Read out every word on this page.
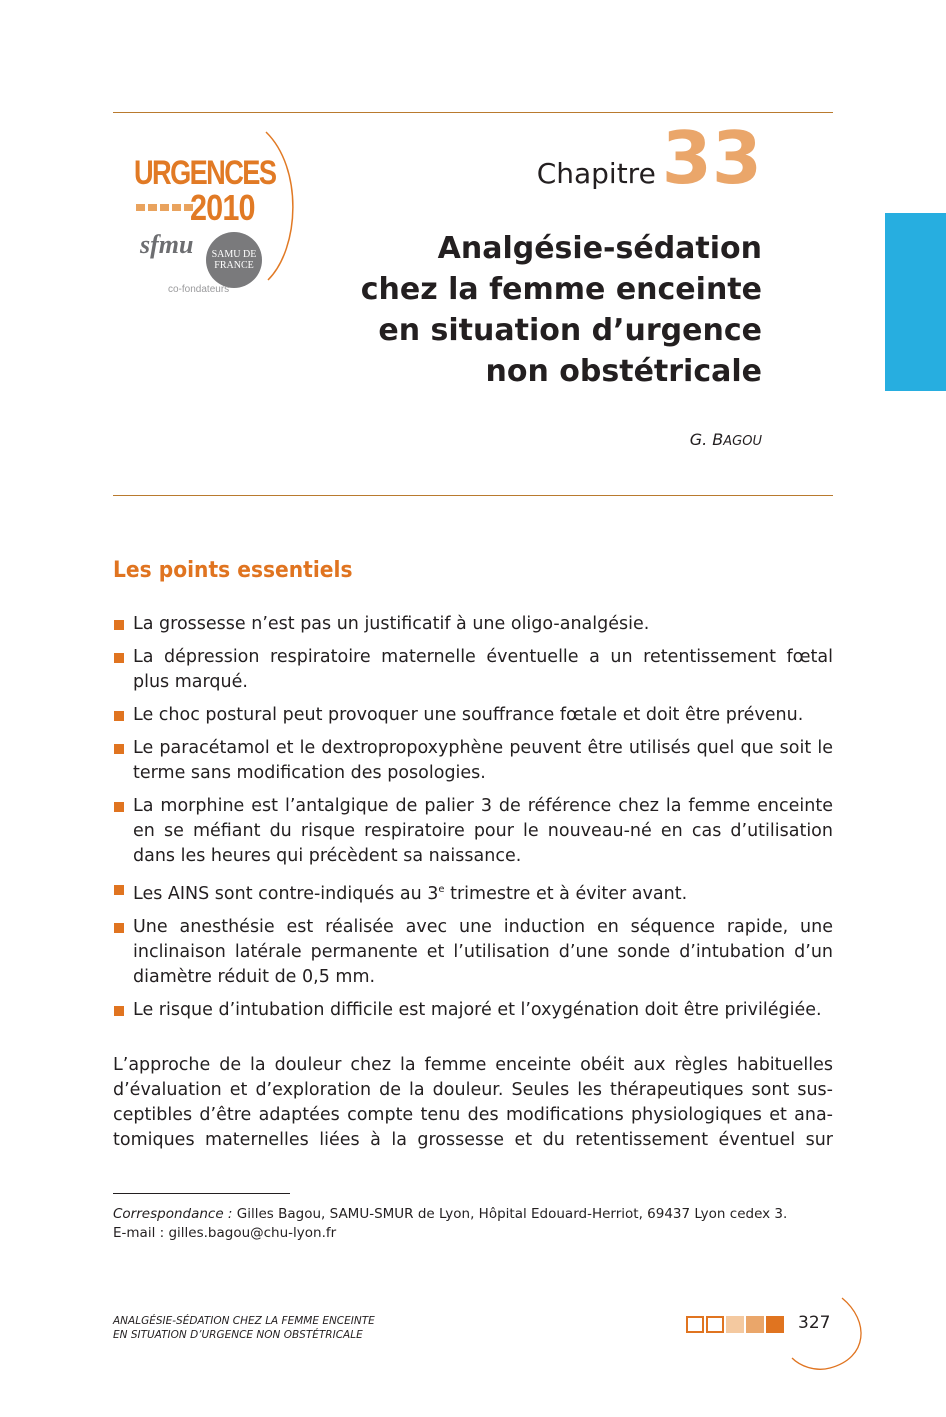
URGENCES
2010
sfmu	SAMU DE FRANCE
co-fondateurs
Chapitre 33
Analgésie-sédation
chez la femme enceinte
en situation d’urgence
non obstétricale
G. BAGOU
Les points essentiels
La grossesse n’est pas un justificatif à une oligo-analgésie.
La dépression respiratoire maternelle éventuelle a un retentissement fœtal plus marqué.
Le choc postural peut provoquer une souffrance fœtale et doit être prévenu.
Le paracétamol et le dextropropoxyphène peuvent être utilisés quel que soit le terme sans modification des posologies.
La morphine est l’antalgique de palier 3 de référence chez la femme enceinte en se méfiant du risque respiratoire pour le nouveau-né en cas d’utilisation dans les heures qui précèdent sa naissance.
Les AINS sont contre-indiqués au 3e trimestre et à éviter avant.
Une anesthésie est réalisée avec une induction en séquence rapide, une inclinaison latérale permanente et l’utilisation d’une sonde d’intubation d’un diamètre réduit de 0,5 mm.
Le risque d’intubation difficile est majoré et l’oxygénation doit être privilégiée.

L’approche de la douleur chez la femme enceinte obéit aux règles habituelles d’évaluation et d’exploration de la douleur. Seules les thérapeutiques sont sus-ceptibles d’être adaptées compte tenu des modifications physiologiques et ana-tomiques maternelles liées à la grossesse et du retentissement éventuel sur

Correspondance : Gilles Bagou, SAMU-SMUR de Lyon, Hôpital Edouard-Herriot, 69437 Lyon cedex 3.
E-mail : gilles.bagou@chu-lyon.fr

ANALGÉSIE-SÉDATION CHEZ LA FEMME ENCEINTE
EN SITUATION D’URGENCE NON OBSTÉTRICALE
327
